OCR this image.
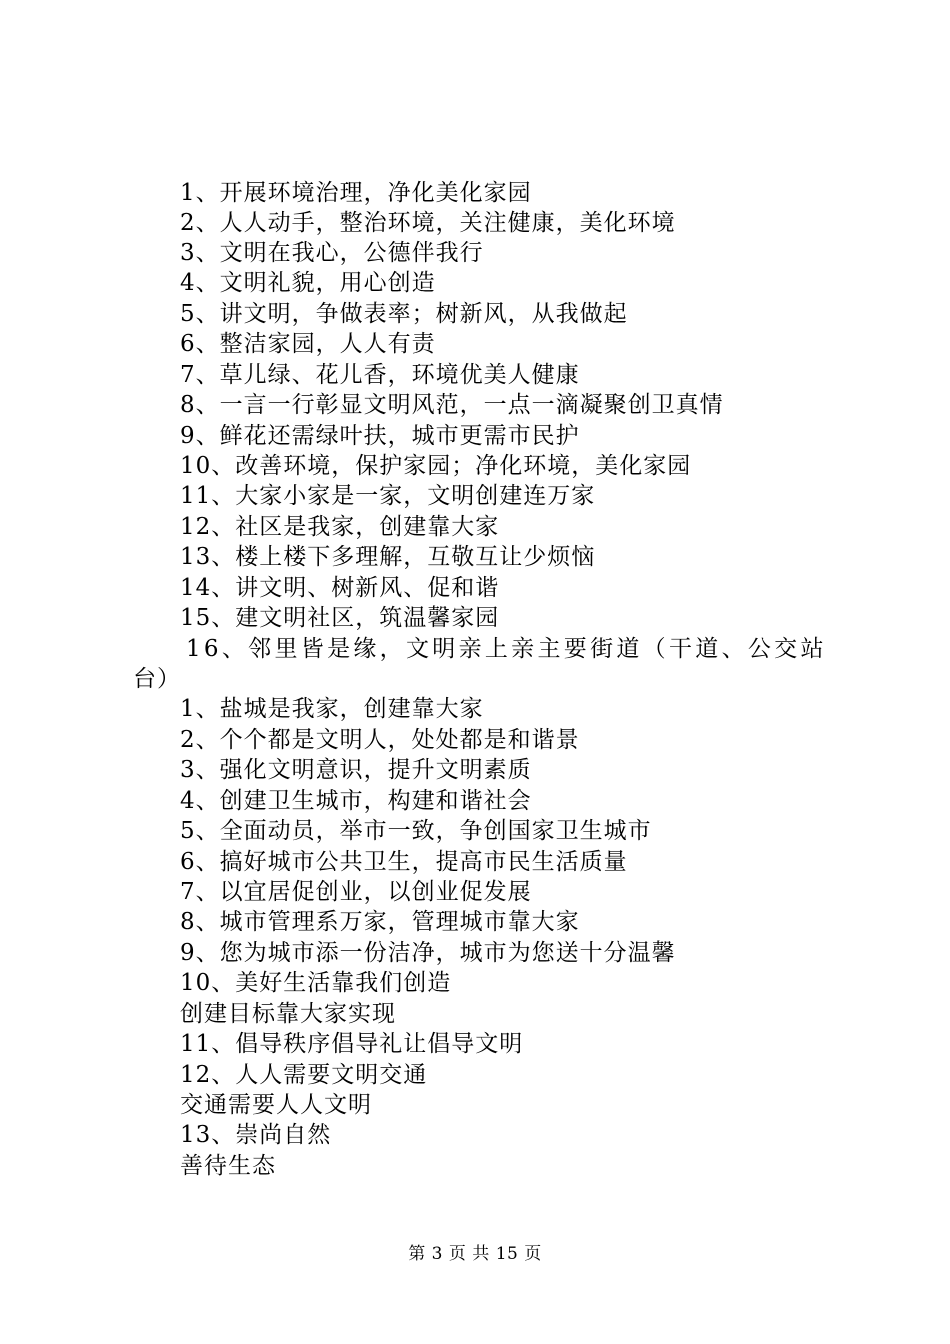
1、开展环境治理，净化美化家园
2、人人动手，整治环境，关注健康，美化环境
3、文明在我心，公德伴我行
4、文明礼貌，用心创造
5、讲文明，争做表率；树新风，从我做起
6、整洁家园，人人有责
7、草儿绿、花儿香，环境优美人健康
8、一言一行彰显文明风范，一点一滴凝聚创卫真情
9、鲜花还需绿叶扶，城市更需市民护
10、改善环境，保护家园；净化环境，美化家园
11、大家小家是一家，文明创建连万家
12、社区是我家，创建靠大家
13、楼上楼下多理解，互敬互让少烦恼
14、讲文明、树新风、促和谐
15、建文明社区，筑温馨家园
16、邻里皆是缘，文明亲上亲主要街道（干道、公交站
台）
1、盐城是我家，创建靠大家
2、个个都是文明人，处处都是和谐景
3、强化文明意识，提升文明素质
4、创建卫生城市，构建和谐社会
5、全面动员，举市一致，争创国家卫生城市
6、搞好城市公共卫生，提高市民生活质量
7、以宜居促创业，以创业促发展
8、城市管理系万家，管理城市靠大家
9、您为城市添一份洁净，城市为您送十分温馨
10、美好生活靠我们创造
创建目标靠大家实现
11、倡导秩序倡导礼让倡导文明
12、人人需要文明交通
交通需要人人文明
13、崇尚自然
善待生态
第 3 页 共 15 页
